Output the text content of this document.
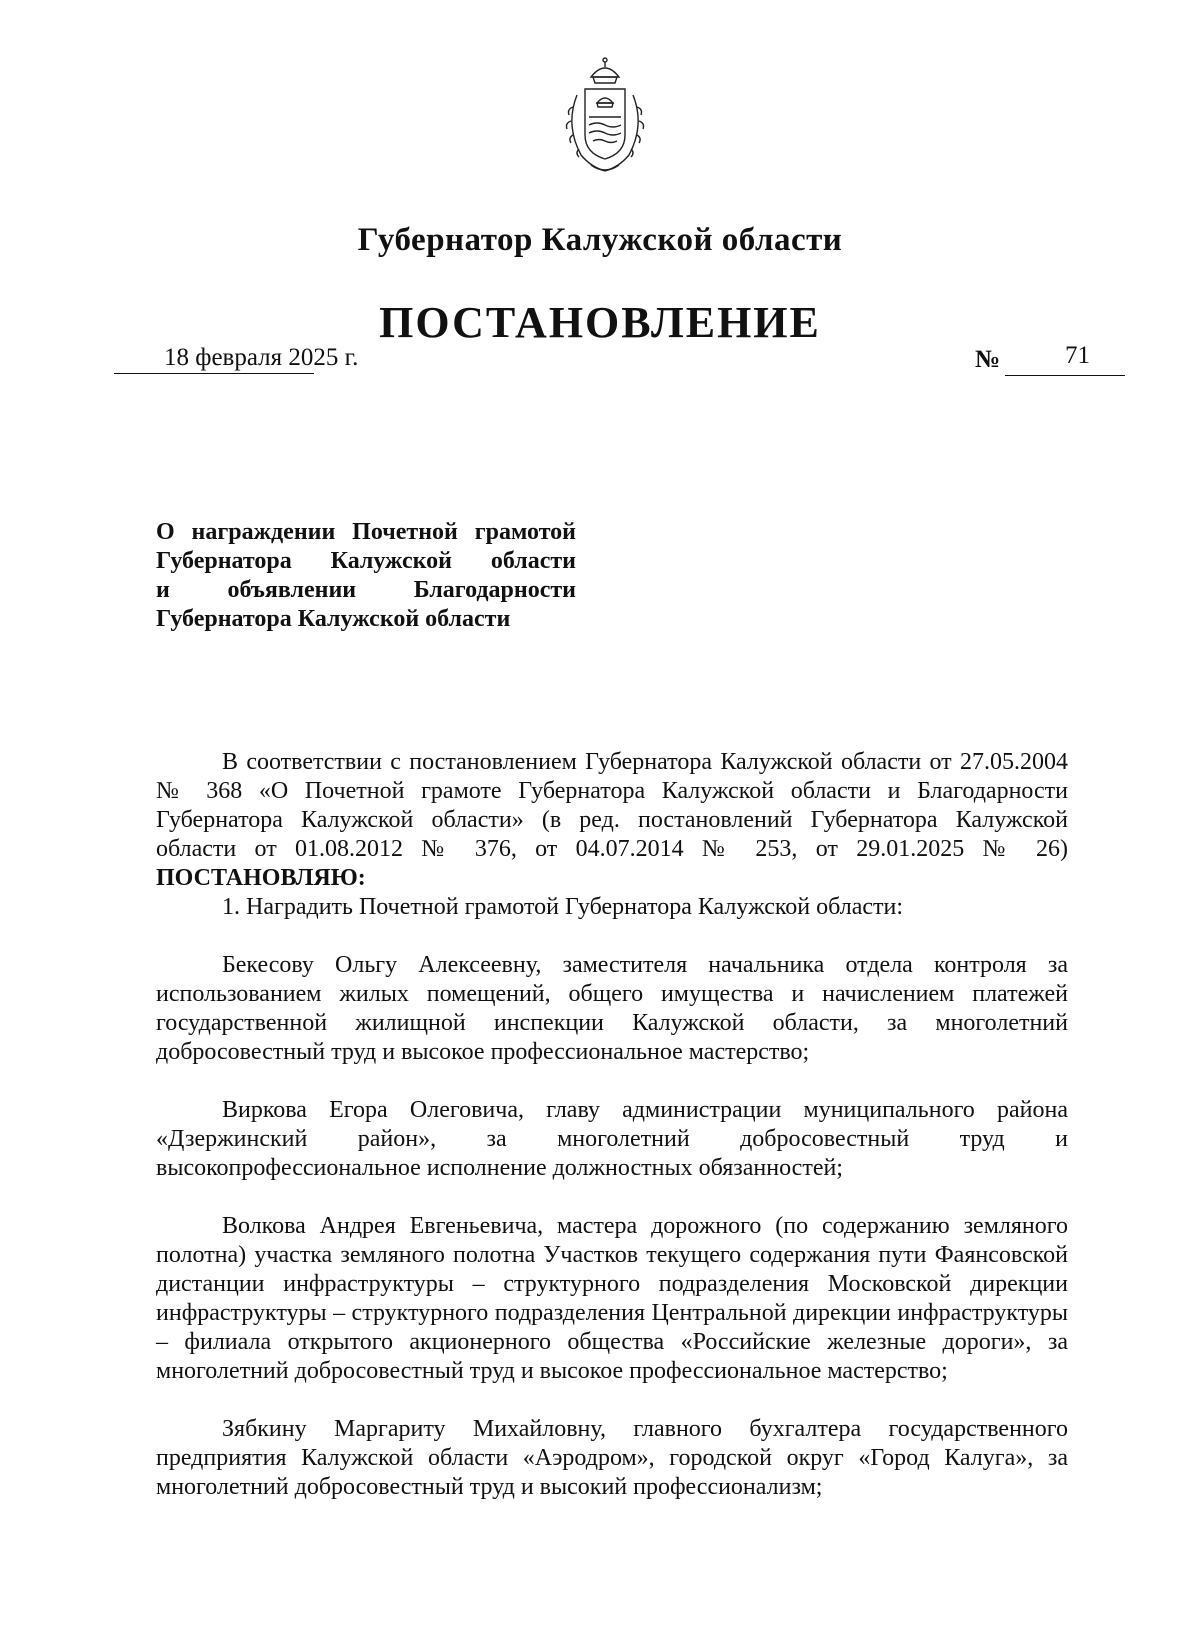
Губернатор Калужской области
ПОСТАНОВЛЕНИЕ
18 февраля 2025 г.	№	71
О награждении Почетной грамотой
Губернатора Калужской области
и объявлении Благодарности
Губернатора Калужской области

В соответствии с постановлением Губернатора Калужской области от 27.05.2004 № 368 «О Почетной грамоте Губернатора Калужской области и Благодарности Губернатора Калужской области» (в ред. постановлений Губернатора Калужской области от 01.08.2012 № 376, от 04.07.2014 № 253, от 29.01.2025 № 26) ПОСТАНОВЛЯЮ:

1. Наградить Почетной грамотой Губернатора Калужской области:

Бекесову Ольгу Алексеевну, заместителя начальника отдела контроля за использованием жилых помещений, общего имущества и начислением платежей государственной жилищной инспекции Калужской области, за многолетний добросовестный труд и высокое профессиональное мастерство;

Виркова Егора Олеговича, главу администрации муниципального района «Дзержинский район», за многолетний добросовестный труд и высокопрофессиональное исполнение должностных обязанностей;

Волкова Андрея Евгеньевича, мастера дорожного (по содержанию земляного полотна) участка земляного полотна Участков текущего содержания пути Фаянсовской дистанции инфраструктуры – структурного подразделения Московской дирекции инфраструктуры – структурного подразделения Центральной дирекции инфраструктуры – филиала открытого акционерного общества «Российские железные дороги», за многолетний добросовестный труд и высокое профессиональное мастерство;

Зябкину Маргариту Михайловну, главного бухгалтера государственного предприятия Калужской области «Аэродром», городской округ «Город Калуга», за многолетний добросовестный труд и высокий профессионализм;
